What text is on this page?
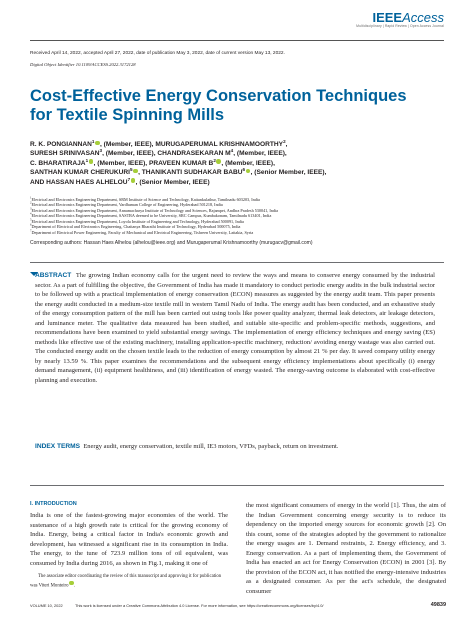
IEEEAccess
Multidisciplinary | Rapid Review | Open Access Journal
Received April 14, 2022, accepted April 27, 2022, date of publication May 3, 2022, date of current version May 13, 2022.
Digital Object Identifier 10.1109/ACCESS.2022.3172128
Cost-Effective Energy Conservation Techniques
for Textile Spinning Mills
R. K. PONGIANNAN$^1$ , (Member, IEEE), MURUGAPERUMAL KRISHNAMOORTHY$^2$,
SURESH SRINIVASAN$^3$, (Member, IEEE), CHANDRASEKARAN $M^4$, (Member, IEEE),
C. BHARATIRAJA$^1$ , (Member, IEEE), PRAVEEN KUMAR $B^2$ , (Member, IEEE),
SANTHAN KUMAR CHERUKURI$^5$ , THANIKANTI SUDHAKAR BABU$^6$ , (Senior Member, IEEE),
AND HASSAN HAES ALHELOU$^7$ , (Senior Member, IEEE)
$^1$Electrical and Electronics Engineering Department, SRM Institute of Science and Technology, Kattankulathur, Tamilnadu 603203, India
$^2$Electrical and Electronics Engineering Department, Vardhaman College of Engineering, Hyderabad 501218, India
$^3$Electrical and Electronics Engineering Department, Annamacharya Institute of Technology and Sciences, Rajampet, Andhra Pradesh 530041, India
$^4$Electrical and Electronics Engineering Department, SASTRA deemed to be University, SRC Campus, Kumbakonam, Tamilnadu 613401, India
$^5$Electrical and Electronics Engineering Department, Loyola Institute of Engineering and Technology, Hyderabad 500091, India
$^6$Department of Electrical and Electronics Engineering, Chaitanya Bharathi Institute of Technology, Hyderabad 500075, India
$^7$Department of Electrical Power Engineering, Faculty of Mechanical and Electrical Engineering, Tishreen University, Lattakia, Syria
Corresponding authors: Hassan Haes Alhelou (alhelou@ieee.org) and Murugaperumal Krishnamoorthy (murugacv@gmail.com)
ABSTRACT The growing Indian economy calls for the urgent need to review the ways and means to conserve energy consumed by the industrial sector. As a part of fulfilling the objective, the Government of India has made it mandatory to conduct periodic energy audits in the bulk industrial sector to be followed up with a practical implementation of energy conservation (ECON) measures as suggested by the energy audit team. This paper presents the energy audit conducted in a medium-size textile mill in western Tamil Nadu of India. The energy audit has been conducted, and an exhaustive study of the energy consumption pattern of the mill has been carried out using tools like power quality analyzer, thermal leak detectors, air leakage detectors, and luminance meter. The qualitative data measured has been studied, and suitable site-specific and problem-specific methods, suggestions, and recommendations have been examined to yield substantial energy savings. The implementation of energy efficiency techniques and energy saving (ES) methods like effective use of the existing machinery, installing application-specific machinery, reduction/ avoiding energy wastage was also carried out. The conducted energy audit on the chosen textile leads to the reduction of energy consumption by almost 21 % per day. It saved company utility energy by nearly 13.59 %. This paper examines the recommendations and the subsequent energy efficiency implementations about specifically (i) energy demand management, (ii) equipment healthiness, and (iii) identification of energy wasted. The energy-saving outcome is elaborated with cost-effective planning and execution.
INDEX TERMS Energy audit, energy conservation, textile mill, IE3 motors, VFDs, payback, return on investment.
I. INTRODUCTION
India is one of the fastest-growing major economies of the world. The sustenance of a high growth rate is critical for the growing economy of India. Energy, being a critical factor in India's economic growth and development, has witnessed a significant rise in its consumption in India. The energy, to the tune of 723.9 million tons of oil equivalent, was consumed by India during 2016, as shown in Fig.1, making it one of
The associate editor coordinating the review of this manuscript and approving it for publication was Viteri Monteiro .
the most significant consumers of energy in the world [1]. Thus, the aim of the Indian Government concerning energy security is to reduce its dependency on the imported energy sources for economic growth [2]. On this count, some of the strategies adopted by the government to rationalize the energy usages are 1. Demand restraints, 2. Energy efficiency, and 3. Energy conservation. As a part of implementing them, the Government of India has enacted an act for Energy Conservation (ECON) in 2001 [3]. By the provision of the ECON act, it has notified the energy-intensive industries as a designated consumer. As per the act's schedule, the designated consumer
VOLUME 10, 2022	This work is licensed under a Creative Commons Attribution 4.0 License. For more information, see https://creativecommons.org/licenses/by/4.0/	49839
